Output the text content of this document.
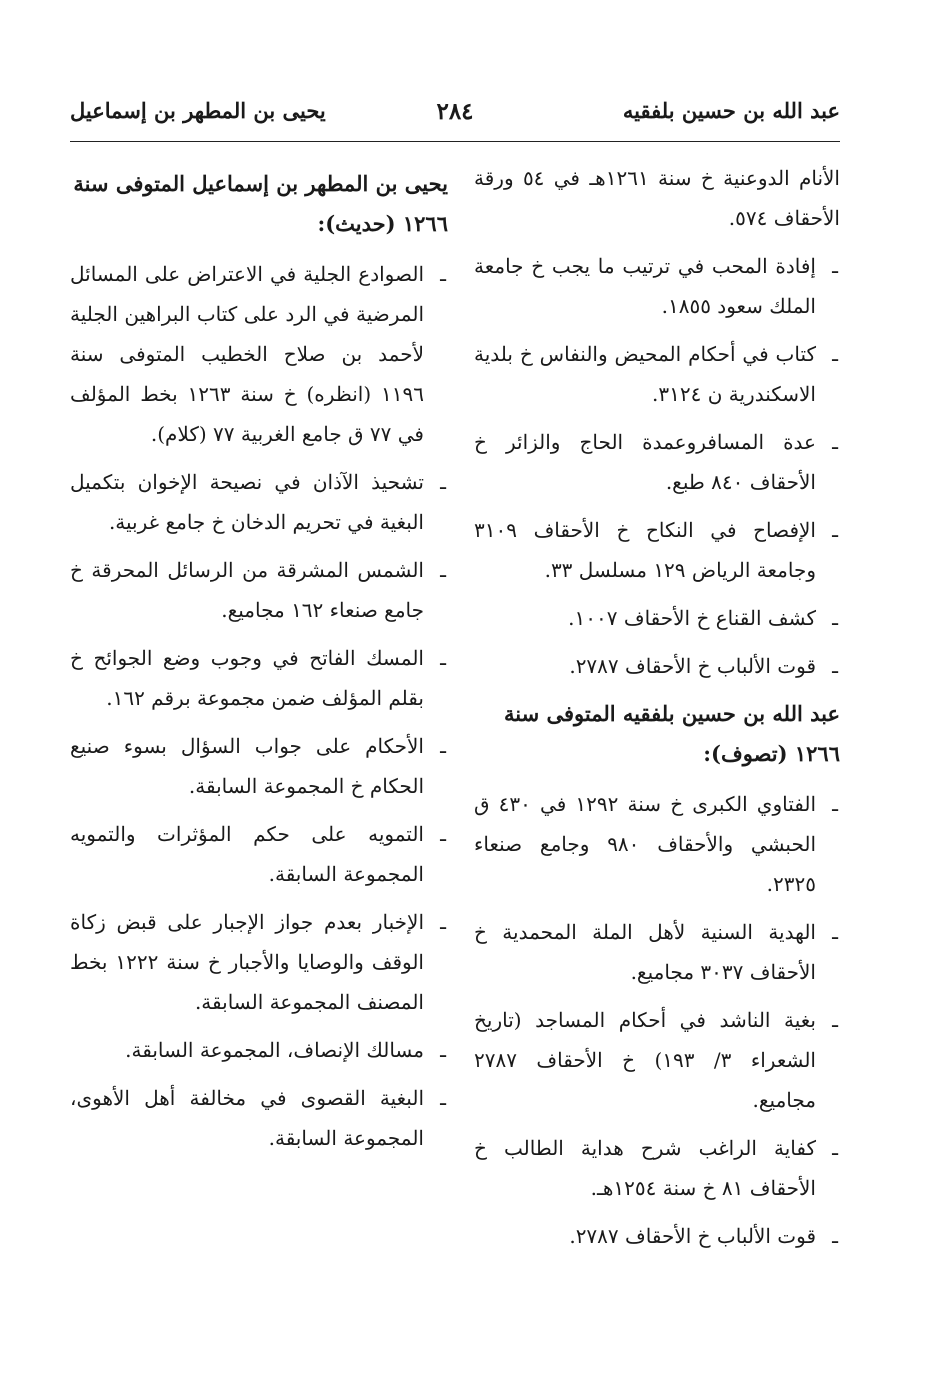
عبد الله بن حسين بلفقيه
٢٨٤
يحيى بن المطهر بن إسماعيل
الأنام الدوعنية خ سنة ١٢٦١هـ في ٥٤ ورقة الأحقاف ٥٧٤.
ـ
إفادة المحب في ترتيب ما يجب خ جامعة الملك سعود ١٨٥٥.
ـ
كتاب في أحكام المحيض والنفاس خ بلدية الاسكندرية ن ٣١٢٤.
ـ
عدة المسافروعمدة الحاج والزائر خ الأحقاف ٨٤٠ طبع.
ـ
الإفصاح في النكاح خ الأحقاف ٣١٠٩ وجامعة الرياض ١٢٩ مسلسل ٣٣.
ـ
كشف القناع خ الأحقاف ١٠٠٧.
ـ
قوت الألباب خ الأحقاف ٢٧٨٧.
عبد الله بن حسين بلفقيه المتوفى سنة ١٢٦٦ (تصوف):
ـ
الفتاوي الكبرى خ سنة ١٢٩٢ في ٤٣٠ ق الحبشي والأحقاف ٩٨٠ وجامع صنعاء ٢٣٢٥.
ـ
الهدية السنية لأهل الملة المحمدية خ الأحقاف ٣٠٣٧ مجاميع.
ـ
بغية الناشد في أحكام المساجد (تاريخ الشعراء ٣/ ١٩٣) خ الأحقاف ٢٧٨٧ مجاميع.
ـ
كفاية الراغب شرح هداية الطالب خ الأحقاف ٨١ خ سنة ١٢٥٤هـ.
ـ
قوت الألباب خ الأحقاف ٢٧٨٧.
يحيى بن المطهر بن إسماعيل المتوفى سنة ١٢٦٦ (حديث):
ـ
الصوادع الجلية في الاعتراض على المسائل المرضية في الرد على كتاب البراهين الجلية لأحمد بن صلاح الخطيب المتوفى سنة ١١٩٦ (انظره) خ سنة ١٢٦٣ بخط المؤلف في ٧٧ ق جامع الغربية ٧٧ (كلام).
ـ
تشحيذ الآذان في نصيحة الإخوان بتكميل البغية في تحريم الدخان خ جامع غربية.
ـ
الشمس المشرقة من الرسائل المحرقة خ جامع صنعاء ١٦٢ مجاميع.
ـ
المسك الفاتح في وجوب وضع الجوائح خ بقلم المؤلف ضمن مجموعة برقم ١٦٢.
ـ
الأحكام على جواب السؤال بسوء صنيع الحكام خ المجموعة السابقة.
ـ
التمويه على حكم المؤثرات والتمويه المجموعة السابقة.
ـ
الإخبار بعدم جواز الإجبار على قبض زكاة الوقف والوصايا والأجبار خ سنة ١٢٢٢ بخط المصنف المجموعة السابقة.
ـ
مسالك الإنصاف، المجموعة السابقة.
ـ
البغية القصوى في مخالفة أهل الأهوى، المجموعة السابقة.
